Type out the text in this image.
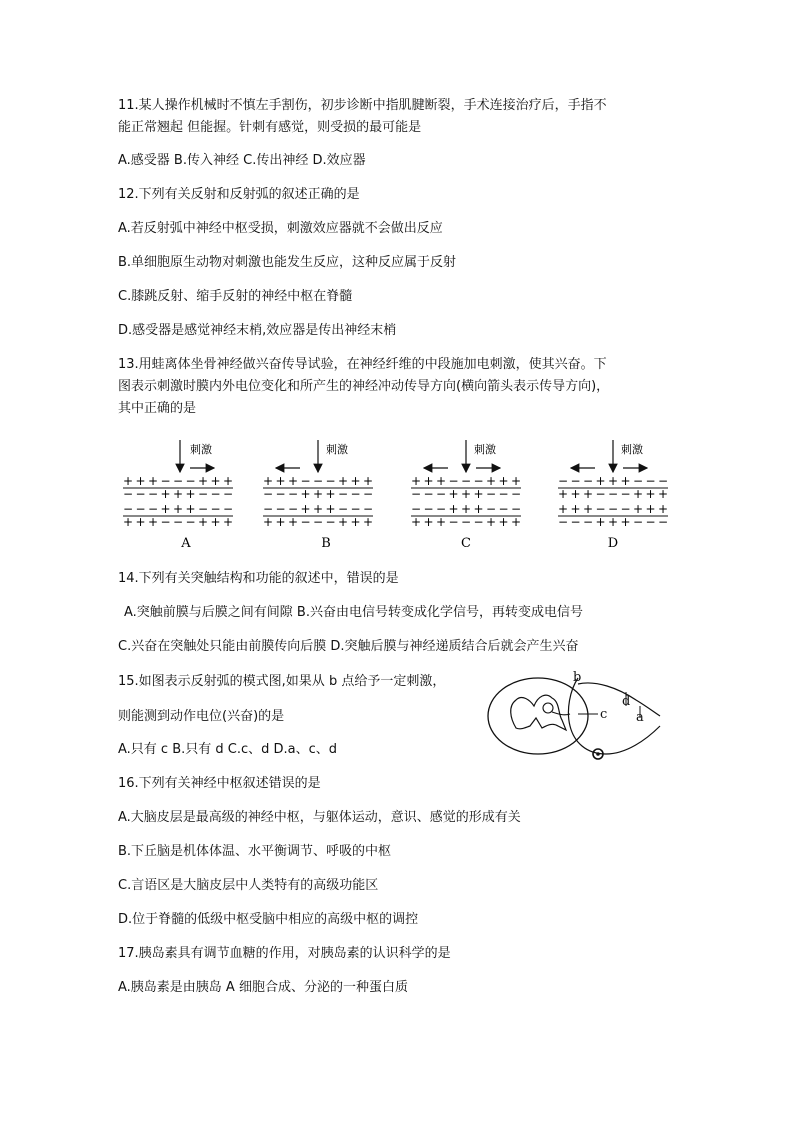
11.某人操作机械时不慎左手割伤，初步诊断中指肌腱断裂，手术连接治疗后，手指不
能正常翘起 但能握。针刺有感觉，则受损的最可能是
A.感受器 B.传入神经 C.传出神经 D.效应器
12.下列有关反射和反射弧的叙述正确的是
A.若反射弧中神经中枢受损，刺激效应器就不会做出反应
B.单细胞原生动物对刺激也能发生反应，这种反应属于反射
C.膝跳反射、缩手反射的神经中枢在脊髓
D.感受器是感觉神经末梢,效应器是传出神经末梢
13.用蛙离体坐骨神经做兴奋传导试验，在神经纤维的中段施加电刺激，使其兴奋。下
图表示刺激时膜内外电位变化和所产生的神经冲动传导方向(横向箭头表示传导方向)，
其中正确的是
刺激
+ + + − − − + + +
− − − + + + − − −
− − − + + + − − −
+ + + − − − + + +
A
刺激
+ + + − − − + + +
− − − + + + − − −
− − − + + + − − −
+ + + − − − + + +
B
刺激
+ + + − − − + + +
− − − + + + − − −
− − − + + + − − −
+ + + − − − + + +
C
刺激
− − − + + + − − −
+ + + − − − + + +
+ + + − − − + + +
− − − + + + − − −
D
14.下列有关突触结构和功能的叙述中，错误的是
A.突触前膜与后膜之间有间隙 B.兴奋由电信号转变成化学信号，再转变成电信号
C.兴奋在突触处只能由前膜传向后膜 D.突触后膜与神经递质结合后就会产生兴奋
15.如图表示反射弧的模式图,如果从 b 点给予一定刺激，
则能测到动作电位(兴奋)的是
A.只有 c B.只有 d C.c、d D.a、c、d
b
d
c a
16.下列有关神经中枢叙述错误的是
A.大脑皮层是最高级的神经中枢，与躯体运动，意识、感觉的形成有关
B.下丘脑是机体体温、水平衡调节、呼吸的中枢
C.言语区是大脑皮层中人类特有的高级功能区
D.位于脊髓的低级中枢受脑中相应的高级中枢的调控
17.胰岛素具有调节血糖的作用，对胰岛素的认识科学的是
A.胰岛素是由胰岛 A 细胞合成、分泌的一种蛋白质
